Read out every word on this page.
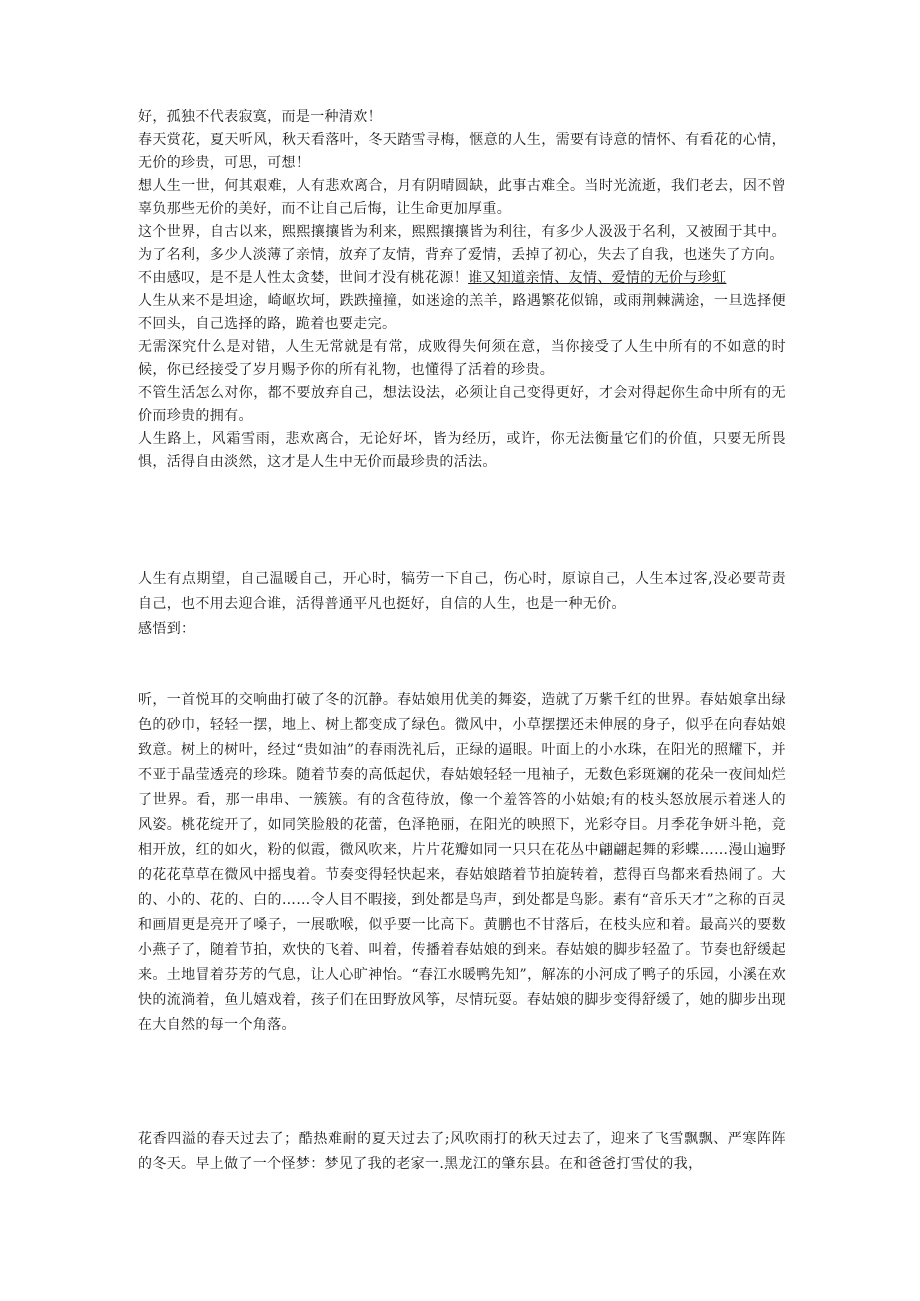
好，孤独不代表寂寞，而是一种清欢！

春天赏花，夏天听风，秋天看落叶，冬天踏雪寻梅，惬意的人生，需要有诗意的情怀、有看花的心情，无价的珍贵，可思，可想！

想人生一世，何其艰难，人有悲欢离合，月有阴晴圆缺，此事古难全。当时光流逝，我们老去，因不曾辜负那些无价的美好，而不让自己后悔，让生命更加厚重。

这个世界，自古以来，熙熙攘攘皆为利来，熙熙攘攘皆为利往，有多少人汲汲于名利，又被囿于其中。为了名利，多少人淡薄了亲情，放弃了友情，背弃了爱情，丢掉了初心，失去了自我，也迷失了方向。

不由感叹，是不是人性太贪婪，世间才没有桃花源！谁又知道亲情、友情、爱情的无价与珍虹

人生从来不是坦途，崎岖坎坷，跌跌撞撞，如迷途的羔羊，路遇繁花似锦，或雨荆棘满途，一旦选择便不回头，自己选择的路，跪着也要走完。

无需深究什么是对错，人生无常就是有常，成败得失何须在意，当你接受了人生中所有的不如意的时候，你已经接受了岁月赐予你的所有礼物，也懂得了活着的珍贵。

不管生活怎么对你，都不要放弃自己，想法设法，必须让自己变得更好，才会对得起你生命中所有的无价而珍贵的拥有。

人生路上，风霜雪雨，悲欢离合，无论好坏，皆为经历，或许，你无法衡量它们的价值，只要无所畏惧，活得自由淡然，这才是人生中无价而最珍贵的活法。

人生有点期望，自己温暖自己，开心时，犒劳一下自己，伤心时，原谅自己，人生本过客,没必要苛责自己，也不用去迎合谁，活得普通平凡也挺好，自信的人生，也是一种无价。

感悟到：

听，一首悦耳的交响曲打破了冬的沉静。春姑娘用优美的舞姿，造就了万紫千红的世界。春姑娘拿出绿色的砂巾，轻轻一摆，地上、树上都变成了绿色。微风中，小草摆摆还未伸展的身子，似乎在向春姑娘致意。树上的树叶，经过“贵如油”的春雨洗礼后，正绿的逼眼。叶面上的小水珠，在阳光的照耀下，并不亚于晶莹透亮的珍珠。随着节奏的高低起伏，春姑娘轻轻一甩袖子，无数色彩斑斓的花朵一夜间灿烂了世界。看，那一串串、一簇簇。有的含苞待放，像一个羞答答的小姑娘;有的枝头怒放展示着迷人的风姿。桃花绽开了，如同笑脸般的花蕾，色泽艳丽，在阳光的映照下，光彩夺目。月季花争妍斗艳，竞相开放，红的如火，粉的似霞，微风吹来，片片花瓣如同一只只在花丛中翩翩起舞的彩蝶……漫山遍野的花花草草在微风中摇曳着。节奏变得轻快起来，春姑娘踏着节拍旋转着，惹得百鸟都来看热闹了。大的、小的、花的、白的……令人目不暇接，到处都是鸟声，到处都是鸟影。素有“音乐天才”之称的百灵和画眉更是亮开了嗓子，一展歌喉，似乎要一比高下。黄鹏也不甘落后，在枝头应和着。最高兴的要数小燕子了，随着节拍，欢快的飞着、叫着，传播着春姑娘的到来。春姑娘的脚步轻盈了。节奏也舒缓起来。土地冒着芬芳的气息，让人心旷神怡。“春江水暖鸭先知”，解冻的小河成了鸭子的乐园，小溪在欢快的流淌着，鱼儿嬉戏着，孩子们在田野放风筝，尽情玩耍。春姑娘的脚步变得舒缓了，她的脚步出现在大自然的每一个角落。

花香四溢的春天过去了；酷热难耐的夏天过去了;风吹雨打的秋天过去了，迎来了飞雪飘飘、严寒阵阵的冬天。早上做了一个怪梦：梦见了我的老家一.黑龙江的肇东县。在和爸爸打雪仗的我，
